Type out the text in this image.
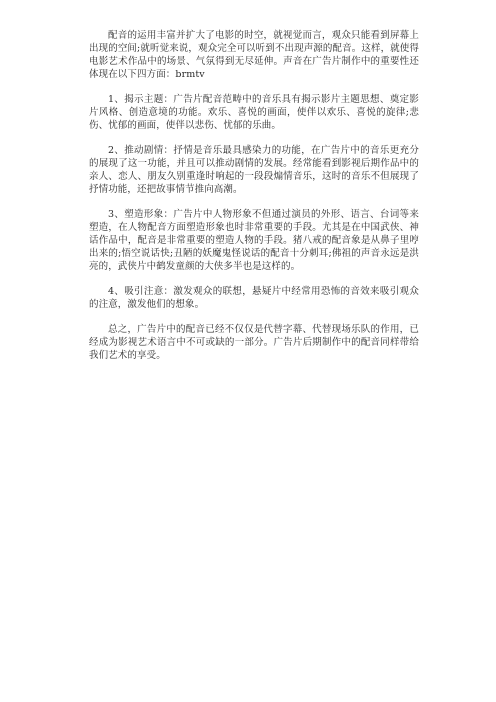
配音的运用丰富并扩大了电影的时空，就视觉而言，观众只能看到屏幕上出现的空间;就听觉来说，观众完全可以听到不出现声源的配音。这样，就使得电影艺术作品中的场景、气氛得到无尽延伸。声音在广告片制作中的重要性还体现在以下四方面：brmtv

1、揭示主题：广告片配音范畴中的音乐具有揭示影片主题思想、奠定影片风格、创造意境的功能。欢乐、喜悦的画面，使伴以欢乐、喜悦的旋律;悲伤、忧郁的画面，使伴以悲伤、忧郁的乐曲。

2、推动剧情：抒情是音乐最具感染力的功能，在广告片中的音乐更充分的展现了这一功能，并且可以推动剧情的发展。经常能看到影视后期作品中的亲人、恋人、朋友久别重逢时响起的一段段煽情音乐，这时的音乐不但展现了抒情功能，还把故事情节推向高潮。

3、塑造形象：广告片中人物形象不但通过演员的外形、语言、台词等来塑造，在人物配音方面塑造形象也时非常重要的手段。尤其是在中国武侠、神话作品中，配音是非常重要的塑造人物的手段。猪八戒的配音象是从鼻子里哼出来的;悟空说话快;丑陋的妖魔鬼怪说话的配音十分刺耳;佛祖的声音永远是洪亮的，武侠片中鹤发童颜的大侠多半也是这样的。

4、吸引注意：激发观众的联想，悬疑片中经常用恐怖的音效来吸引观众的注意，激发他们的想象。

总之，广告片中的配音已经不仅仅是代替字幕、代替现场乐队的作用，已经成为影视艺术语言中不可或缺的一部分。广告片后期制作中的配音同样带给我们艺术的享受。
